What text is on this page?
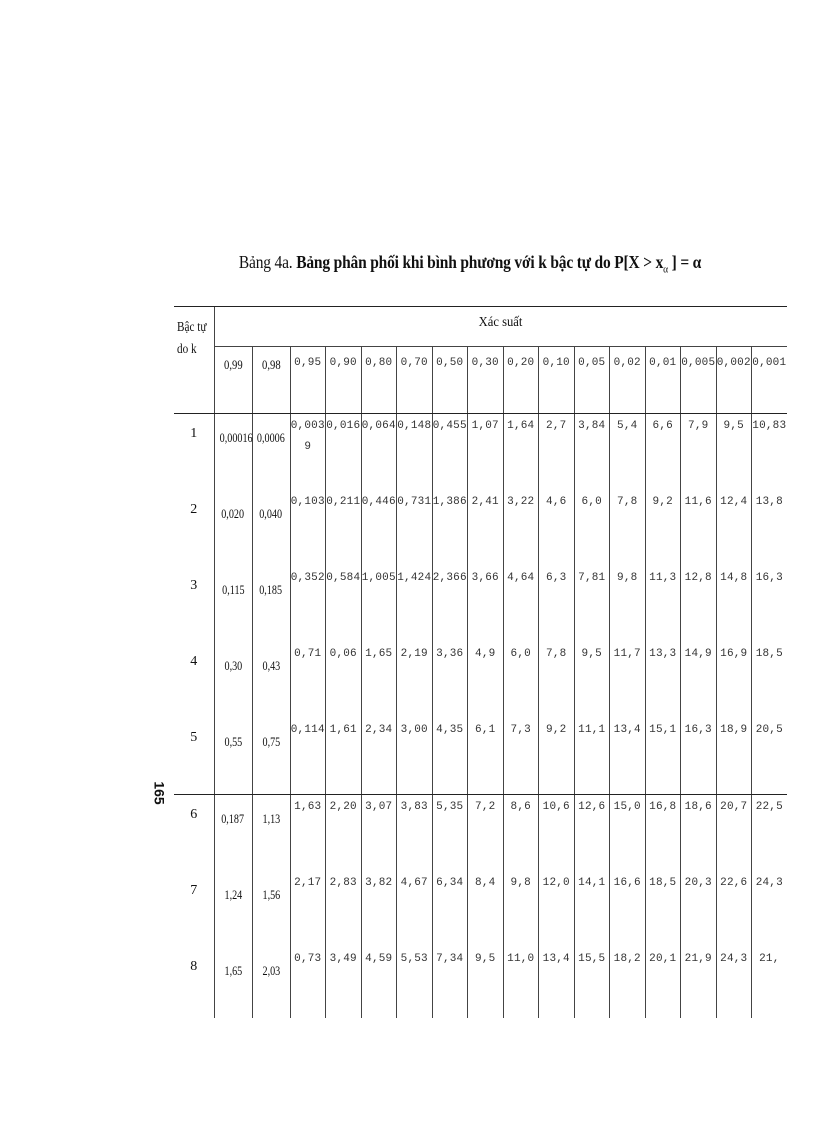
Bảng 4a. Bảng phân phối khi bình phương với k bậc tự do $P[X > x_\alpha$ ] = α
165
Bậc tự
do k	Xác suất															
	0,99	0,98	0,95	0,90	0,80	0,70	0,50	0,30	0,20	0,10	0,05	0,02	0,01	0,005	0,002	0,001
1	0,00016	0,0006	0,0039	0,016	0,064	0,148	0,455	1,07	1,64	2,7	3,84	5,4	6,6	7,9	9,5	10,83
2	0,020	0,040	0,103	0,211	0,446	0,731	1,386	2,41	3,22	4,6	6,0	7,8	9,2	11,6	12,4	13,8
3	0,115	0,185	0,352	0,584	1,005	1,424	2,366	3,66	4,64	6,3	7,81	9,8	11,3	12,8	14,8	16,3
4	0,30	0,43	0,71	0,06	1,65	2,19	3,36	4,9	6,0	7,8	9,5	11,7	13,3	14,9	16,9	18,5
5	0,55	0,75	0,114	1,61	2,34	3,00	4,35	6,1	7,3	9,2	11,1	13,4	15,1	16,3	18,9	20,5
6	0,187	1,13	1,63	2,20	3,07	3,83	5,35	7,2	8,6	10,6	12,6	15,0	16,8	18,6	20,7	22,5
7	1,24	1,56	2,17	2,83	3,82	4,67	6,34	8,4	9,8	12,0	14,1	16,6	18,5	20,3	22,6	24,3
8	1,65	2,03	0,73	3,49	4,59	5,53	7,34	9,5	11,0	13,4	15,5	18,2	20,1	21,9	24,3	21,
